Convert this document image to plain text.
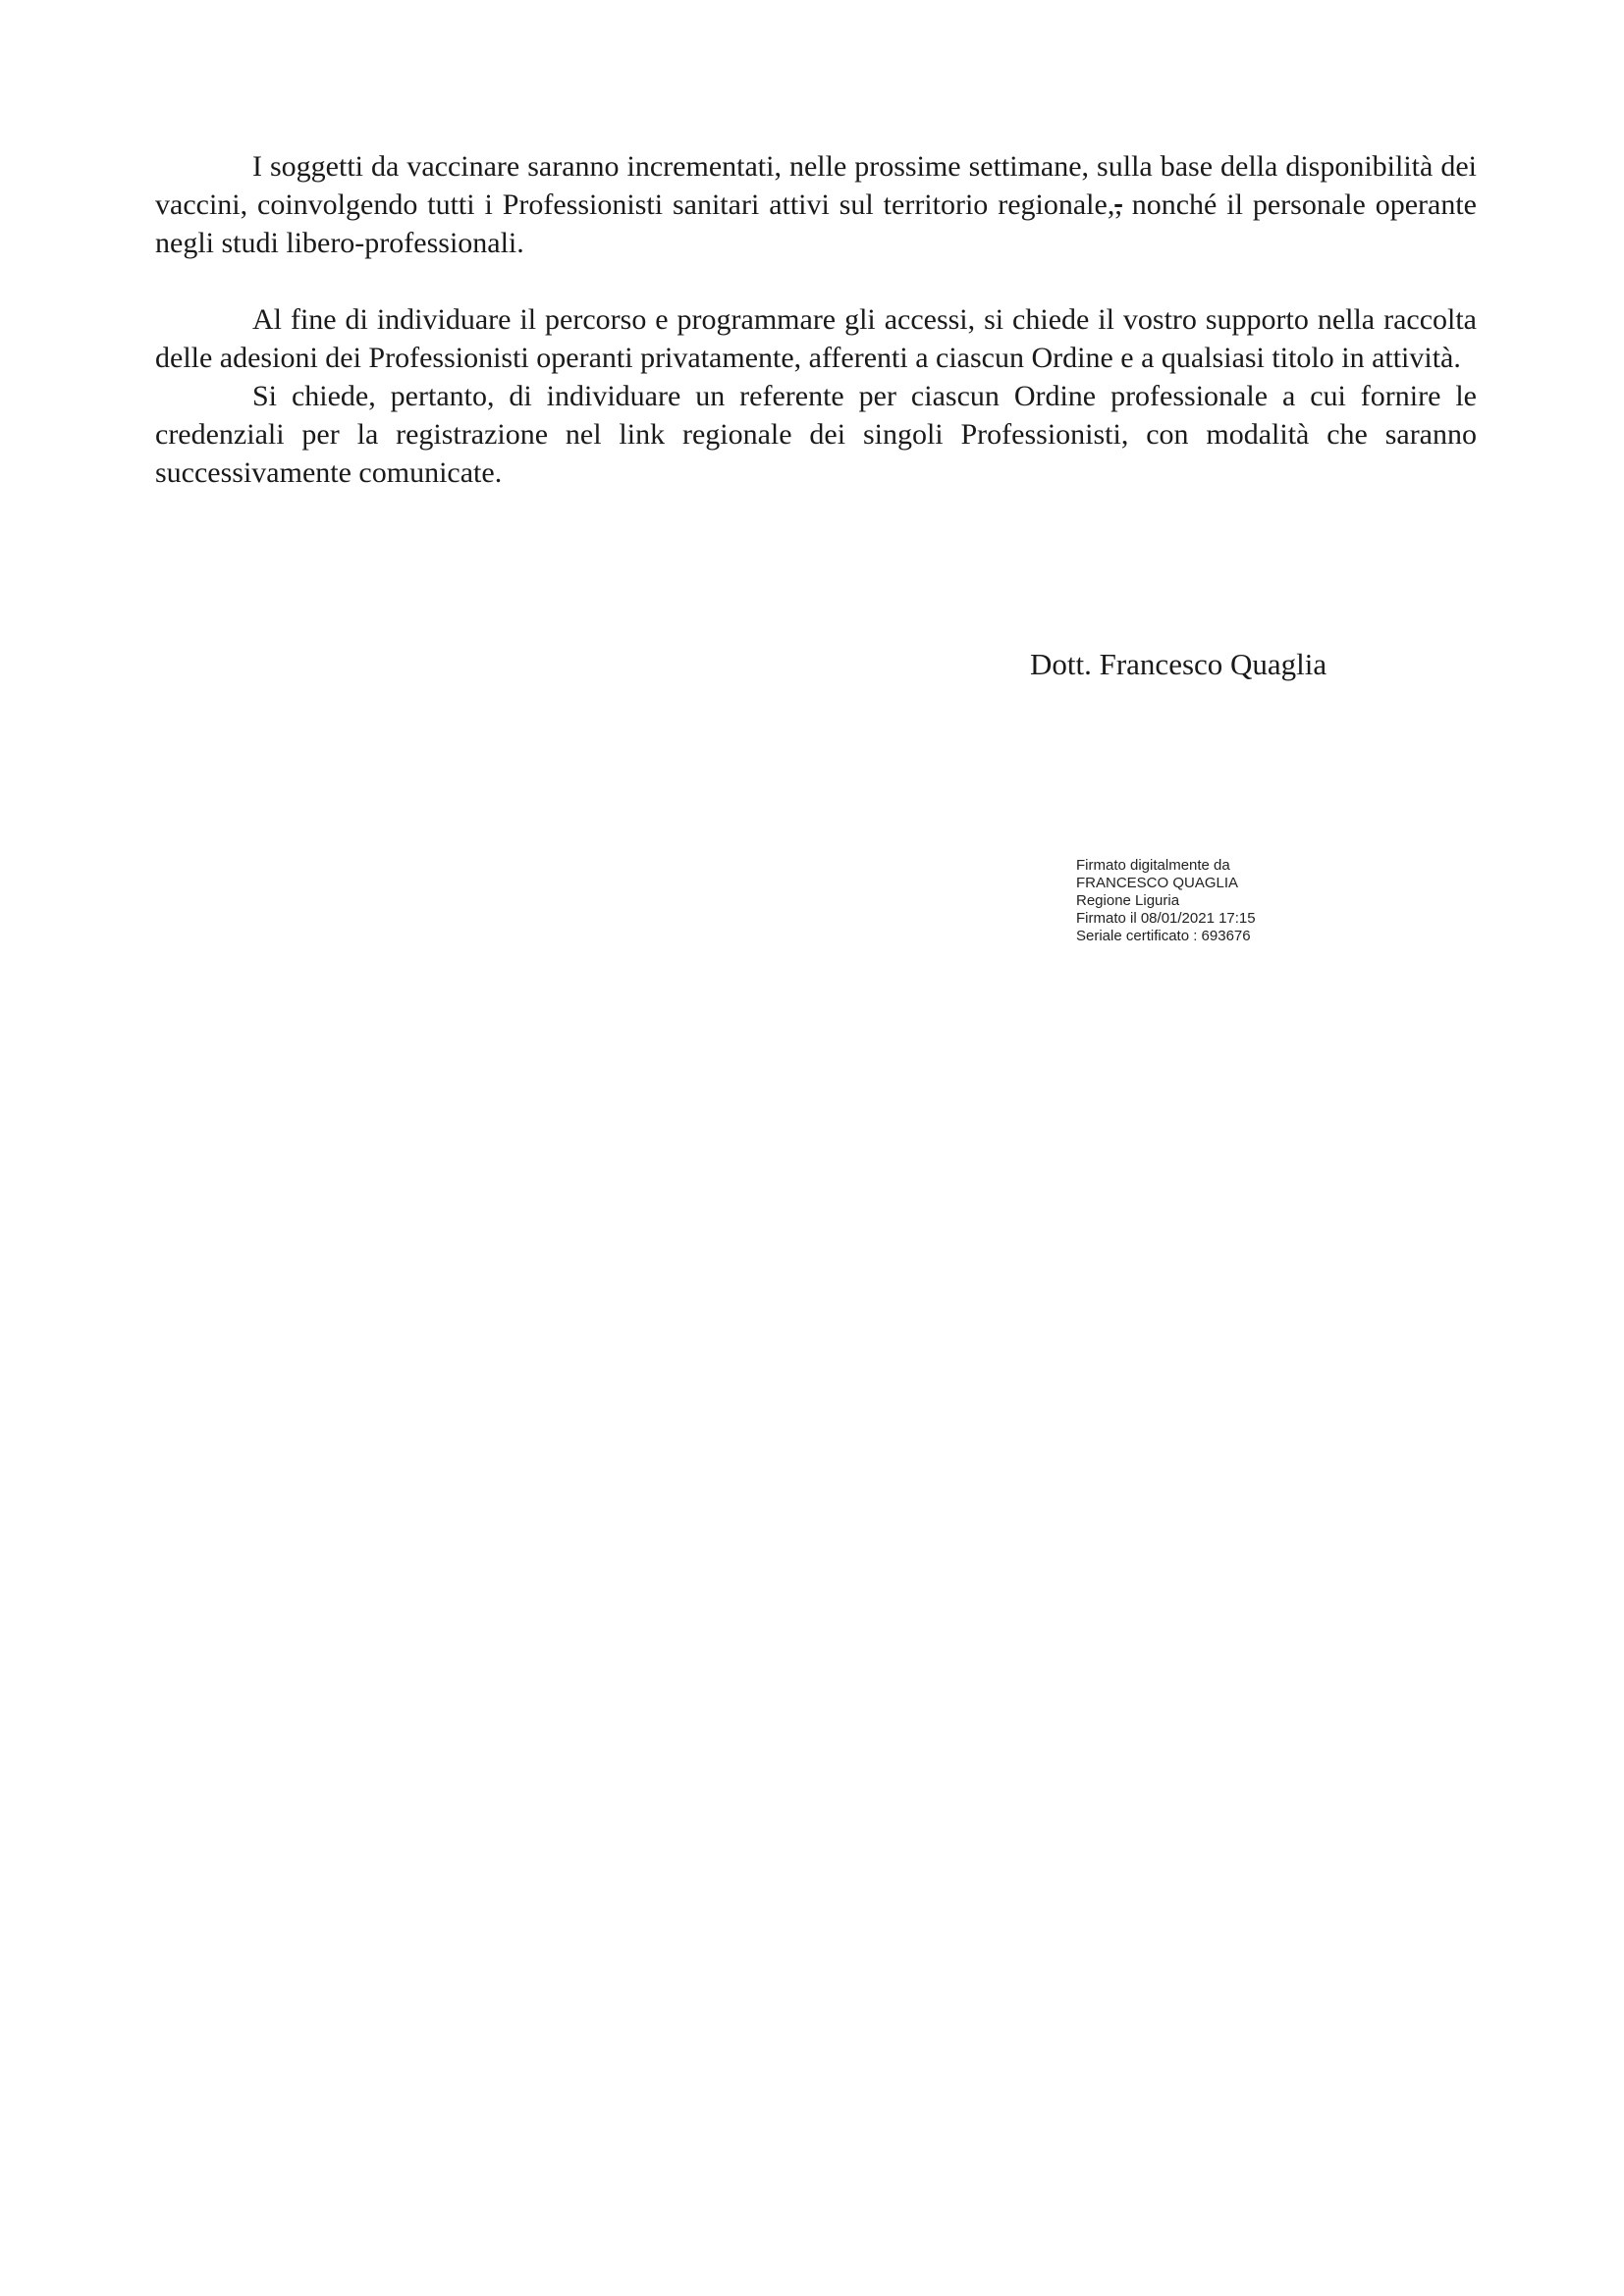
I soggetti da vaccinare saranno incrementati, nelle prossime settimane, sulla base della disponibilità dei vaccini, coinvolgendo tutti i Professionisti sanitari attivi sul territorio regionale,, nonché il personale operante negli studi libero-professionali.

Al fine di individuare il percorso e programmare gli accessi, si chiede il vostro supporto nella raccolta delle adesioni dei Professionisti operanti privatamente, afferenti a ciascun Ordine e a qualsiasi titolo in attività.

Si chiede, pertanto, di individuare un referente per ciascun Ordine professionale a cui fornire le credenziali per la registrazione nel link regionale dei singoli Professionisti, con modalità che saranno successivamente comunicate.

Dott. Francesco Quaglia
Firmato digitalmente da
FRANCESCO QUAGLIA
Regione Liguria
Firmato il 08/01/2021 17:15
Seriale certificato : 693676
